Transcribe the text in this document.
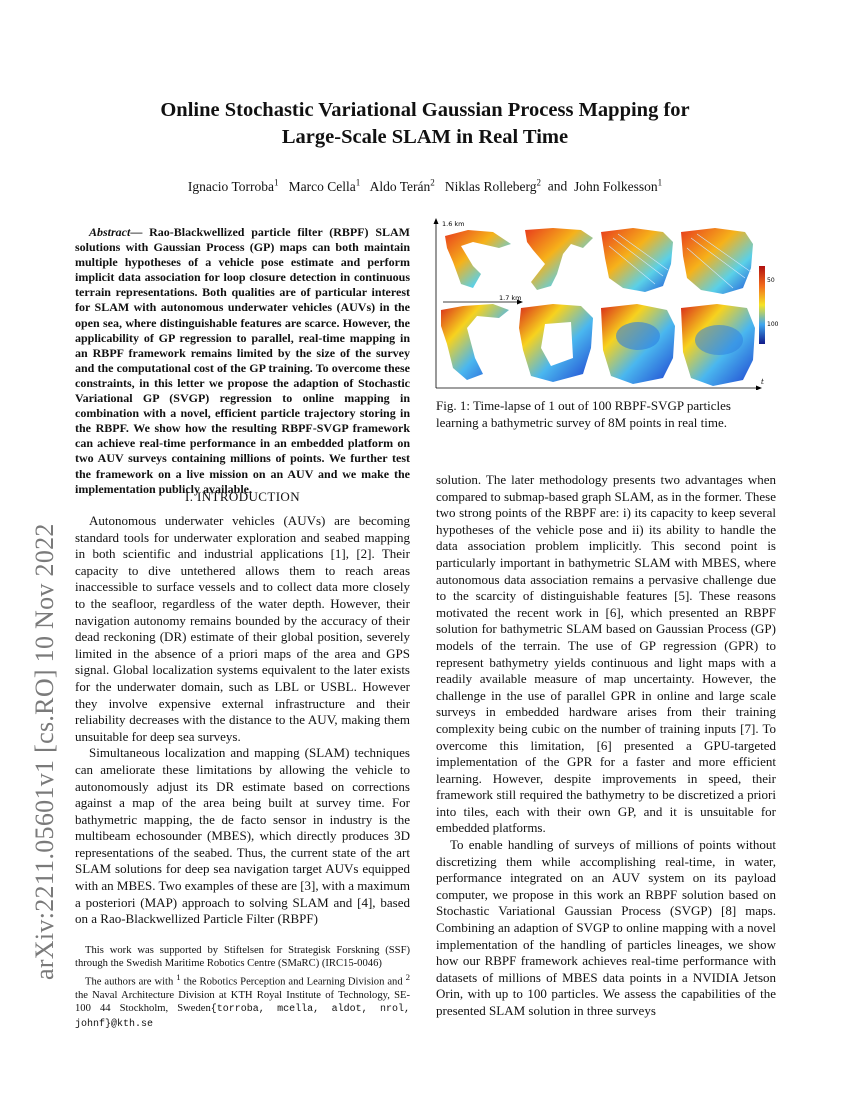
Online Stochastic Variational Gaussian Process Mapping for
Large-Scale SLAM in Real Time
Ignacio Torroba$^1$ Marco Cella$^1$ Aldo Terán$^2$ Niklas Rolleberg$^2$ and John Folkesson$^1$
arXiv:2211.05601v1 [cs.RO] 10 Nov 2022

Abstract— Rao-Blackwellized particle filter (RBPF) SLAM solutions with Gaussian Process (GP) maps can both maintain multiple hypotheses of a vehicle pose estimate and perform implicit data association for loop closure detection in continuous terrain representations. Both qualities are of particular interest for SLAM with autonomous underwater vehicles (AUVs) in the open sea, where distinguishable features are scarce. However, the applicability of GP regression to parallel, real-time mapping in an RBPF framework remains limited by the size of the survey and the computational cost of the GP training. To overcome these constraints, in this letter we propose the adaption of Stochastic Variational GP (SVGP) regression to online mapping in combination with a novel, efficient particle trajectory storing in the RBPF. We show how the resulting RBPF-SVGP framework can achieve real-time performance in an embedded platform on two AUV surveys containing millions of points. We further test the framework on a live mission on an AUV and we make the implementation publicly available.

I. INTRODUCTION

Autonomous underwater vehicles (AUVs) are becoming standard tools for underwater exploration and seabed mapping in both scientific and industrial applications [1], [2]. Their capacity to dive untethered allows them to reach areas inaccessible to surface vessels and to collect data more closely to the seafloor, regardless of the water depth. However, their navigation autonomy remains bounded by the accuracy of their dead reckoning (DR) estimate of their global position, severely limited in the absence of a priori maps of the area and GPS signal. Global localization systems equivalent to the later exists for the underwater domain, such as LBL or USBL. However they involve expensive external infrastructure and their reliability decreases with the distance to the AUV, making them unsuitable for deep sea surveys.

Simultaneous localization and mapping (SLAM) techniques can ameliorate these limitations by allowing the vehicle to autonomously adjust its DR estimate based on corrections against a map of the area being built at survey time. For bathymetric mapping, the de facto sensor in industry is the multibeam echosounder (MBES), which directly produces 3D representations of the seabed. Thus, the current state of the art SLAM solutions for deep sea navigation target AUVs equipped with an MBES. Two examples of these are [3], with a maximum a posteriori (MAP) approach to solving SLAM and [4], based on a Rao-Blackwellized Particle Filter (RBPF)

This work was supported by Stiftelsen for Strategisk Forskning (SSF) through the Swedish Maritime Robotics Centre (SMaRC) (IRC15-0046)

The authors are with $^1$ the Robotics Perception and Learning Division and $^2$ the Naval Architecture Division at KTH Royal Institute of Technology, SE-100 44 Stockholm, Sweden{torroba, mcella, aldot, nrol, johnf}@kth.se

1.6 km
50
100
1.7 km
t
Fig. 1: Time-lapse of 1 out of 100 RBPF-SVGP particles learning a bathymetric survey of 8M points in real time.

solution. The later methodology presents two advantages when compared to submap-based graph SLAM, as in the former. These two strong points of the RBPF are: i) its capacity to keep several hypotheses of the vehicle pose and ii) its ability to handle the data association problem implicitly. This second point is particularly important in bathymetric SLAM with MBES, where autonomous data association remains a pervasive challenge due to the scarcity of distinguishable features [5]. These reasons motivated the recent work in [6], which presented an RBPF solution for bathymetric SLAM based on Gaussian Process (GP) models of the terrain. The use of GP regression (GPR) to represent bathymetry yields continuous and light maps with a readily available measure of map uncertainty. However, the challenge in the use of parallel GPR in online and large scale surveys in embedded hardware arises from their training complexity being cubic on the number of training inputs [7]. To overcome this limitation, [6] presented a GPU-targeted implementation of the GPR for a faster and more efficient learning. However, despite improvements in speed, their framework still required the bathymetry to be discretized a priori into tiles, each with their own GP, and it is unsuitable for embedded platforms.

To enable handling of surveys of millions of points without discretizing them while accomplishing real-time, in water, performance integrated on an AUV system on its payload computer, we propose in this work an RBPF solution based on Stochastic Variational Gaussian Process (SVGP) [8] maps. Combining an adaption of SVGP to online mapping with a novel implementation of the handling of particles lineages, we show how our RBPF framework achieves real-time performance with datasets of millions of MBES data points in a NVIDIA Jetson Orin, with up to 100 particles. We assess the capabilities of the presented SLAM solution in three surveys
